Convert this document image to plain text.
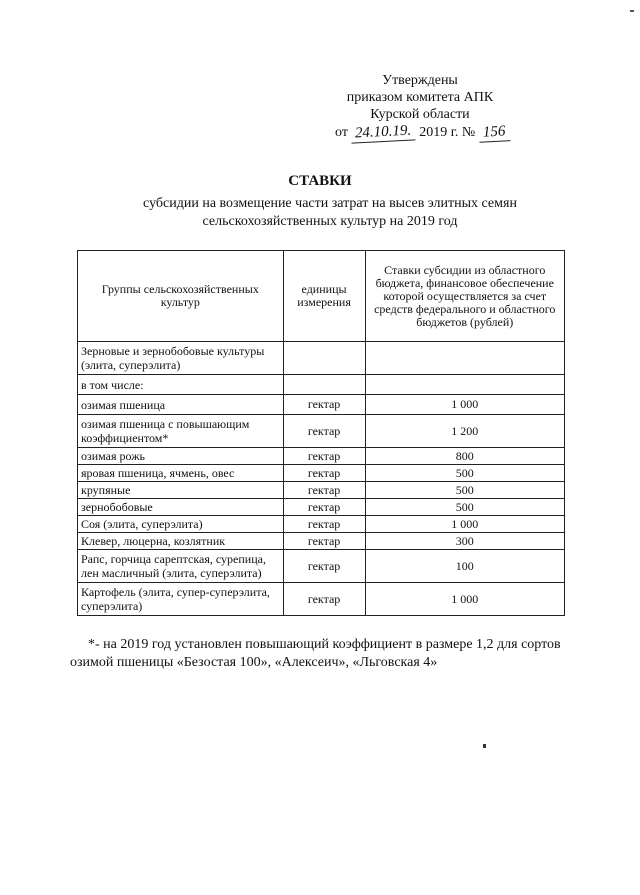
Утверждены
приказом комитета АПК
Курской области
от 24.10.19. 2019 г. № 156
СТАВКИ
субсидии на возмещение части затрат на высев элитных семян
сельскохозяйственных культур на 2019 год
Группы сельскохозяйственных культур	единицы измерения	Ставки субсидии из областного бюджета, финансовое обеспечение которой осуществляется за счет средств федерального и областного бюджетов (рублей)
Зерновые и зернобобовые культуры (элита, суперэлита)		
в том числе:		
озимая пшеница	гектар	1 000
озимая пшеница с повышающим коэффициентом*	гектар	1 200
озимая рожь	гектар	800
яровая пшеница, ячмень, овес	гектар	500
крупяные	гектар	500
зернобобовые	гектар	500
Соя (элита, суперэлита)	гектар	1 000
Клевер, люцерна, козлятник	гектар	300
Рапс, горчица сарептская, сурепица, лен масличный (элита, суперэлита)	гектар	100
Картофель (элита, супер-суперэлита, суперэлита)	гектар	1 000
*- на 2019 год установлен повышающий коэффициент в размере 1,2 для сортов озимой пшеницы «Безостая 100», «Алексеич», «Льговская 4»
